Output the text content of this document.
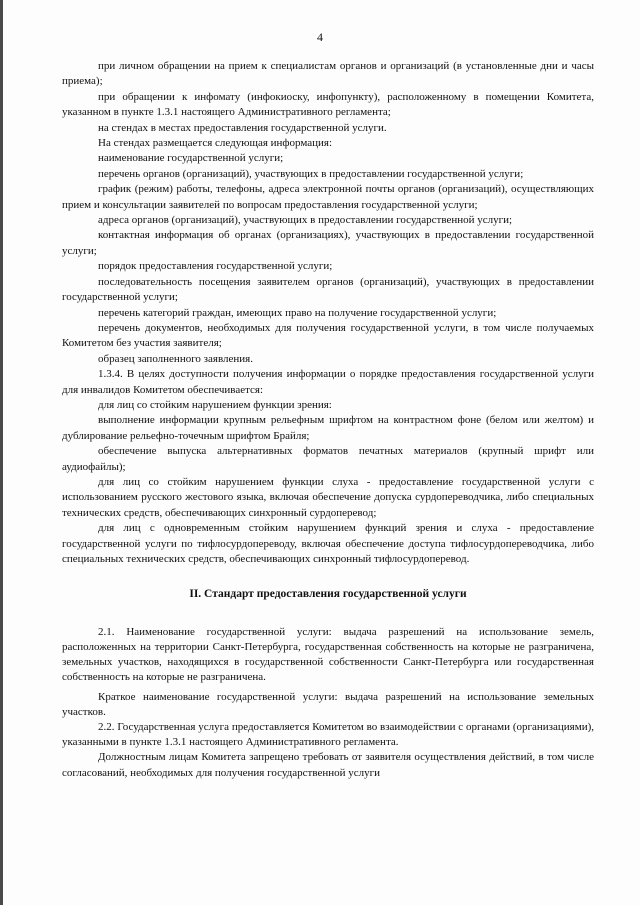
4

при личном обращении на прием к специалистам органов и организаций (в установленные дни и часы приема);

при обращении к инфомату (инфокиоску, инфопункту), расположенному в помещении Комитета, указанном в пункте 1.3.1 настоящего Административного регламента;

на стендах в местах предоставления государственной услуги.

На стендах размещается следующая информация:

наименование государственной услуги;

перечень органов (организаций), участвующих в предоставлении государственной услуги;

график (режим) работы, телефоны, адреса электронной почты органов (организаций), осуществляющих прием и консультации заявителей по вопросам предоставления государственной услуги;

адреса органов (организаций), участвующих в предоставлении государственной услуги;

контактная информация об органах (организациях), участвующих в предоставлении государственной услуги;

порядок предоставления государственной услуги;

последовательность посещения заявителем органов (организаций), участвующих в предоставлении государственной услуги;

перечень категорий граждан, имеющих право на получение государственной услуги;

перечень документов, необходимых для получения государственной услуги, в том числе получаемых Комитетом без участия заявителя;

образец заполненного заявления.

1.3.4. В целях доступности получения информации о порядке предоставления государственной услуги для инвалидов Комитетом обеспечивается:

для лиц со стойким нарушением функции зрения:

выполнение информации крупным рельефным шрифтом на контрастном фоне (белом или желтом) и дублирование рельефно-точечным шрифтом Брайля;

обеспечение выпуска альтернативных форматов печатных материалов (крупный шрифт или аудиофайлы);

для лиц со стойким нарушением функции слуха - предоставление государственной услуги с использованием русского жестового языка, включая обеспечение допуска сурдопереводчика, либо специальных технических средств, обеспечивающих синхронный сурдоперевод;

для лиц с одновременным стойким нарушением функций зрения и слуха - предоставление государственной услуги по тифлосурдопереводу, включая обеспечение доступа тифлосурдопереводчика, либо специальных технических средств, обеспечивающих синхронный тифлосурдоперевод.

II. Стандарт предоставления государственной услуги

2.1. Наименование государственной услуги: выдача разрешений на использование земель, расположенных на территории Санкт-Петербурга, государственная собственность на которые не разграничена, земельных участков, находящихся в государственной собственности Санкт-Петербурга или государственная собственность на которые не разграничена.

Краткое наименование государственной услуги: выдача разрешений на использование земельных участков.

2.2. Государственная услуга предоставляется Комитетом во взаимодействии с органами (организациями), указанными в пункте 1.3.1 настоящего Административного регламента.

Должностным лицам Комитета запрещено требовать от заявителя осуществления действий, в том числе согласований, необходимых для получения государственной услуги
